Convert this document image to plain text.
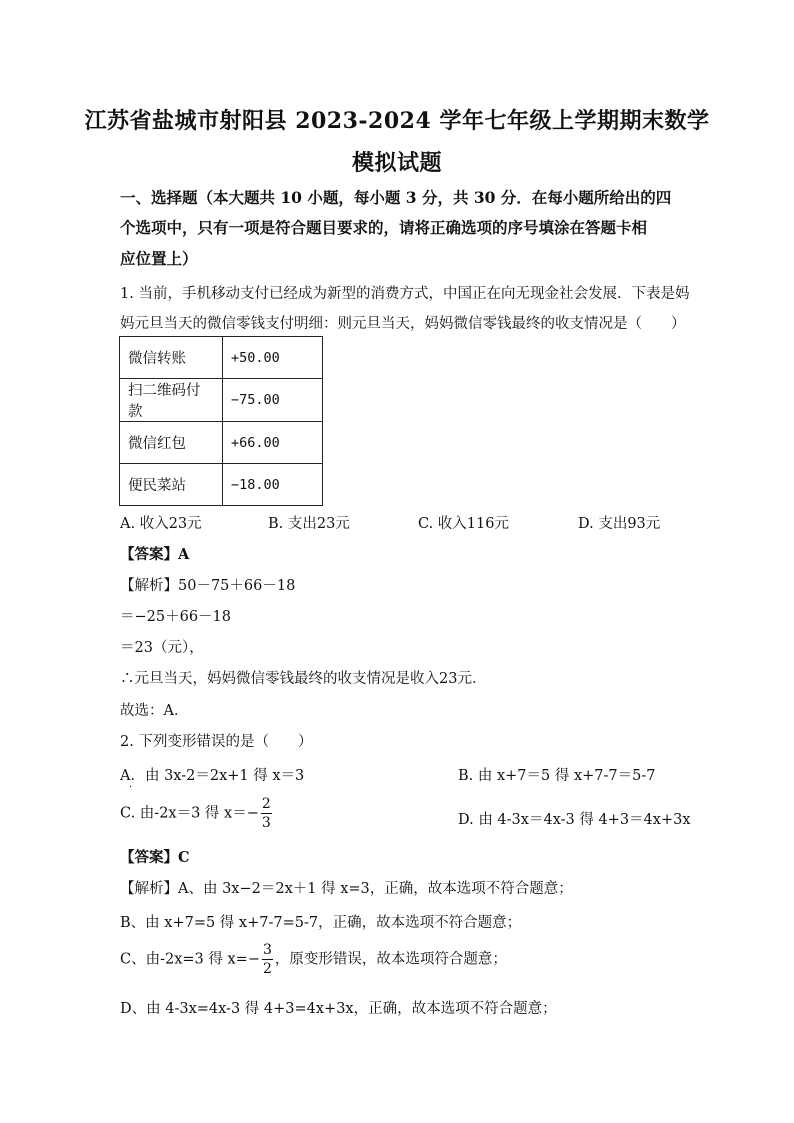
江苏省盐城市射阳县 2023-2024 学年七年级上学期期末数学
模拟试题
一、选择题（本大题共 10 小题，每小题 3 分，共 30 分．在每小题所给出的四
个选项中，只有一项是符合题目要求的，请将正确选项的序号填涂在答题卡相
应位置上）
1. 当前，手机移动支付已经成为新型的消费方式，中国正在向无现金社会发展．下表是妈
妈元旦当天的微信零钱支付明细：则元旦当天，妈妈微信零钱最终的收支情况是（　　）
微信转账	+50.00
扫二维码付款	−75.00
微信红包	+66.00
便民菜站	−18.00
A. 收入23元	B. 支出23元	C. 收入116元	D. 支出93元
【答案】A
【解析】50－75＋66－18
＝−25＋66－18
＝23（元），
∴元旦当天，妈妈微信零钱最终的收支情况是收入23元．
故选：A．
2. 下列变形错误的是（　　）
A．由 3x-2＝2x+1 得 x＝3
·
B. 由 x+7＝5 得 x+7-7＝5-7
C. 由-2x＝3 得 $x=- \frac{2}{3}$	D. 由 4-3x＝4x-3 得 4+3＝4x+3x
【答案】C
【解析】A、由 3x−2＝2x＋1 得 x=3，正确，故本选项不符合题意；
B、由 x+7=5 得 x+7-7=5-7，正确，故本选项不符合题意；
C、由-2x=3 得 $x=- \frac{3}{2}$ ，原变形错误，故本选项符合题意；
D、由 4-3x=4x-3 得 4+3=4x+3x，正确，故本选项不符合题意；
